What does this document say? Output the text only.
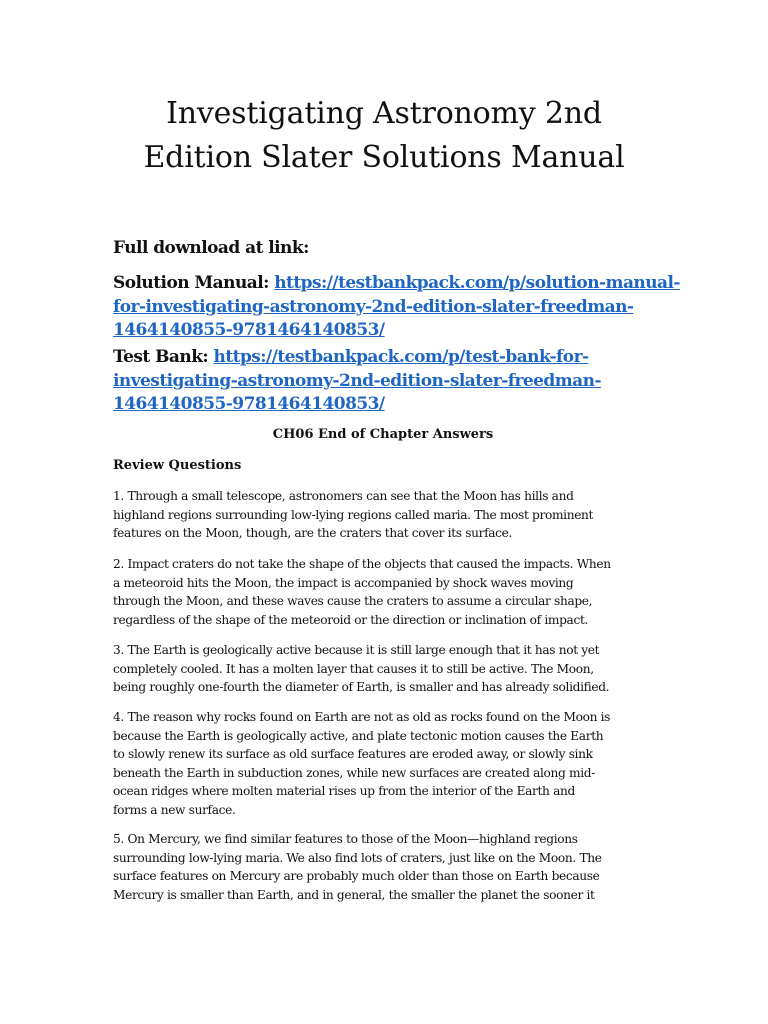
Investigating Astronomy 2nd
Edition Slater Solutions Manual

Full download at link:

Solution Manual: https://testbankpack.com/p/solution-manual-
for-investigating-astronomy-2nd-edition-slater-freedman-
1464140855-9781464140853/

Test Bank: https://testbankpack.com/p/test-bank-for-
investigating-astronomy-2nd-edition-slater-freedman-
1464140855-9781464140853/

CH06 End of Chapter Answers

Review Questions

1. Through a small telescope, astronomers can see that the Moon has hills and
highland regions surrounding low-lying regions called maria. The most prominent
features on the Moon, though, are the craters that cover its surface.

2. Impact craters do not take the shape of the objects that caused the impacts. When
a meteoroid hits the Moon, the impact is accompanied by shock waves moving
through the Moon, and these waves cause the craters to assume a circular shape,
regardless of the shape of the meteoroid or the direction or inclination of impact.

3. The Earth is geologically active because it is still large enough that it has not yet
completely cooled. It has a molten layer that causes it to still be active. The Moon,
being roughly one-fourth the diameter of Earth, is smaller and has already solidified.

4. The reason why rocks found on Earth are not as old as rocks found on the Moon is
because the Earth is geologically active, and plate tectonic motion causes the Earth
to slowly renew its surface as old surface features are eroded away, or slowly sink
beneath the Earth in subduction zones, while new surfaces are created along mid-
ocean ridges where molten material rises up from the interior of the Earth and
forms a new surface.

5. On Mercury, we find similar features to those of the Moon—highland regions
surrounding low-lying maria. We also find lots of craters, just like on the Moon. The
surface features on Mercury are probably much older than those on Earth because
Mercury is smaller than Earth, and in general, the smaller the planet the sooner it
